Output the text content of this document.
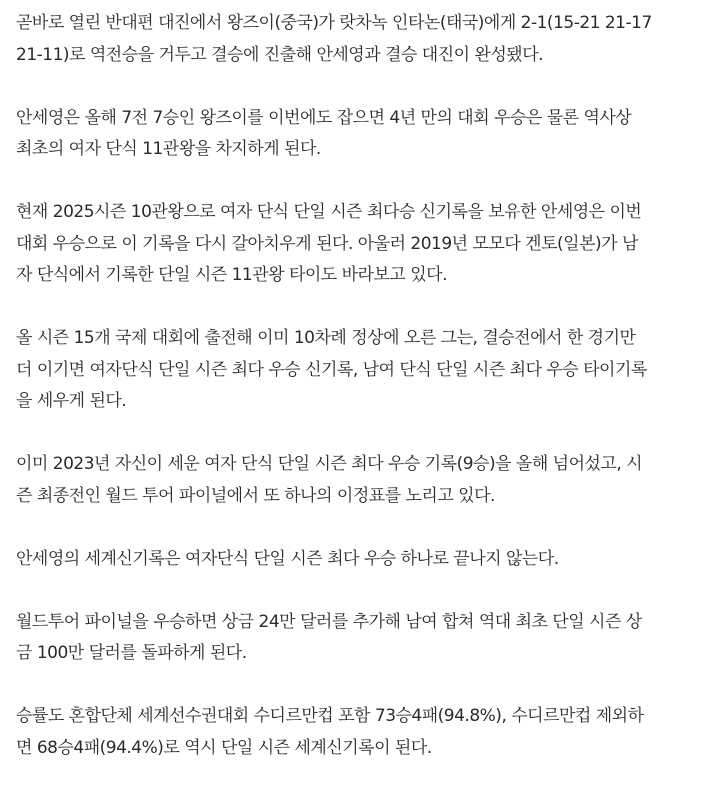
곧바로 열린 반대편 대진에서 왕즈이(중국)가 랏차녹 인타논(태국)에게 2-1(15-21 21-17
21-11)로 역전승을 거두고 결승에 진출해 안세영과 결승 대진이 완성됐다.

안세영은 올해 7전 7승인 왕즈이를 이번에도 잡으면 4년 만의 대회 우승은 물론 역사상
최초의 여자 단식 11관왕을 차지하게 된다.

현재 2025시즌 10관왕으로 여자 단식 단일 시즌 최다승 신기록을 보유한 안세영은 이번
대회 우승으로 이 기록을 다시 갈아치우게 된다. 아울러 2019년 모모다 겐토(일본)가 남
자 단식에서 기록한 단일 시즌 11관왕 타이도 바라보고 있다.

올 시즌 15개 국제 대회에 출전해 이미 10차례 정상에 오른 그는, 결승전에서 한 경기만
더 이기면 여자단식 단일 시즌 최다 우승 신기록, 남여 단식 단일 시즌 최다 우승 타이기록
을 세우게 된다.

이미 2023년 자신이 세운 여자 단식 단일 시즌 최다 우승 기록(9승)을 올해 넘어섰고, 시
즌 최종전인 월드 투어 파이널에서 또 하나의 이정표를 노리고 있다.

안세영의 세계신기록은 여자단식 단일 시즌 최다 우승 하나로 끝나지 않는다.

월드투어 파이널을 우승하면 상금 24만 달러를 추가해 남여 합쳐 역대 최초 단일 시즌 상
금 100만 달러를 돌파하게 된다.

승률도 혼합단체 세계선수권대회 수디르만컵 포함 73승4패(94.8%), 수디르만컵 제외하
면 68승4패(94.4%)로 역시 단일 시즌 세계신기록이 된다.
